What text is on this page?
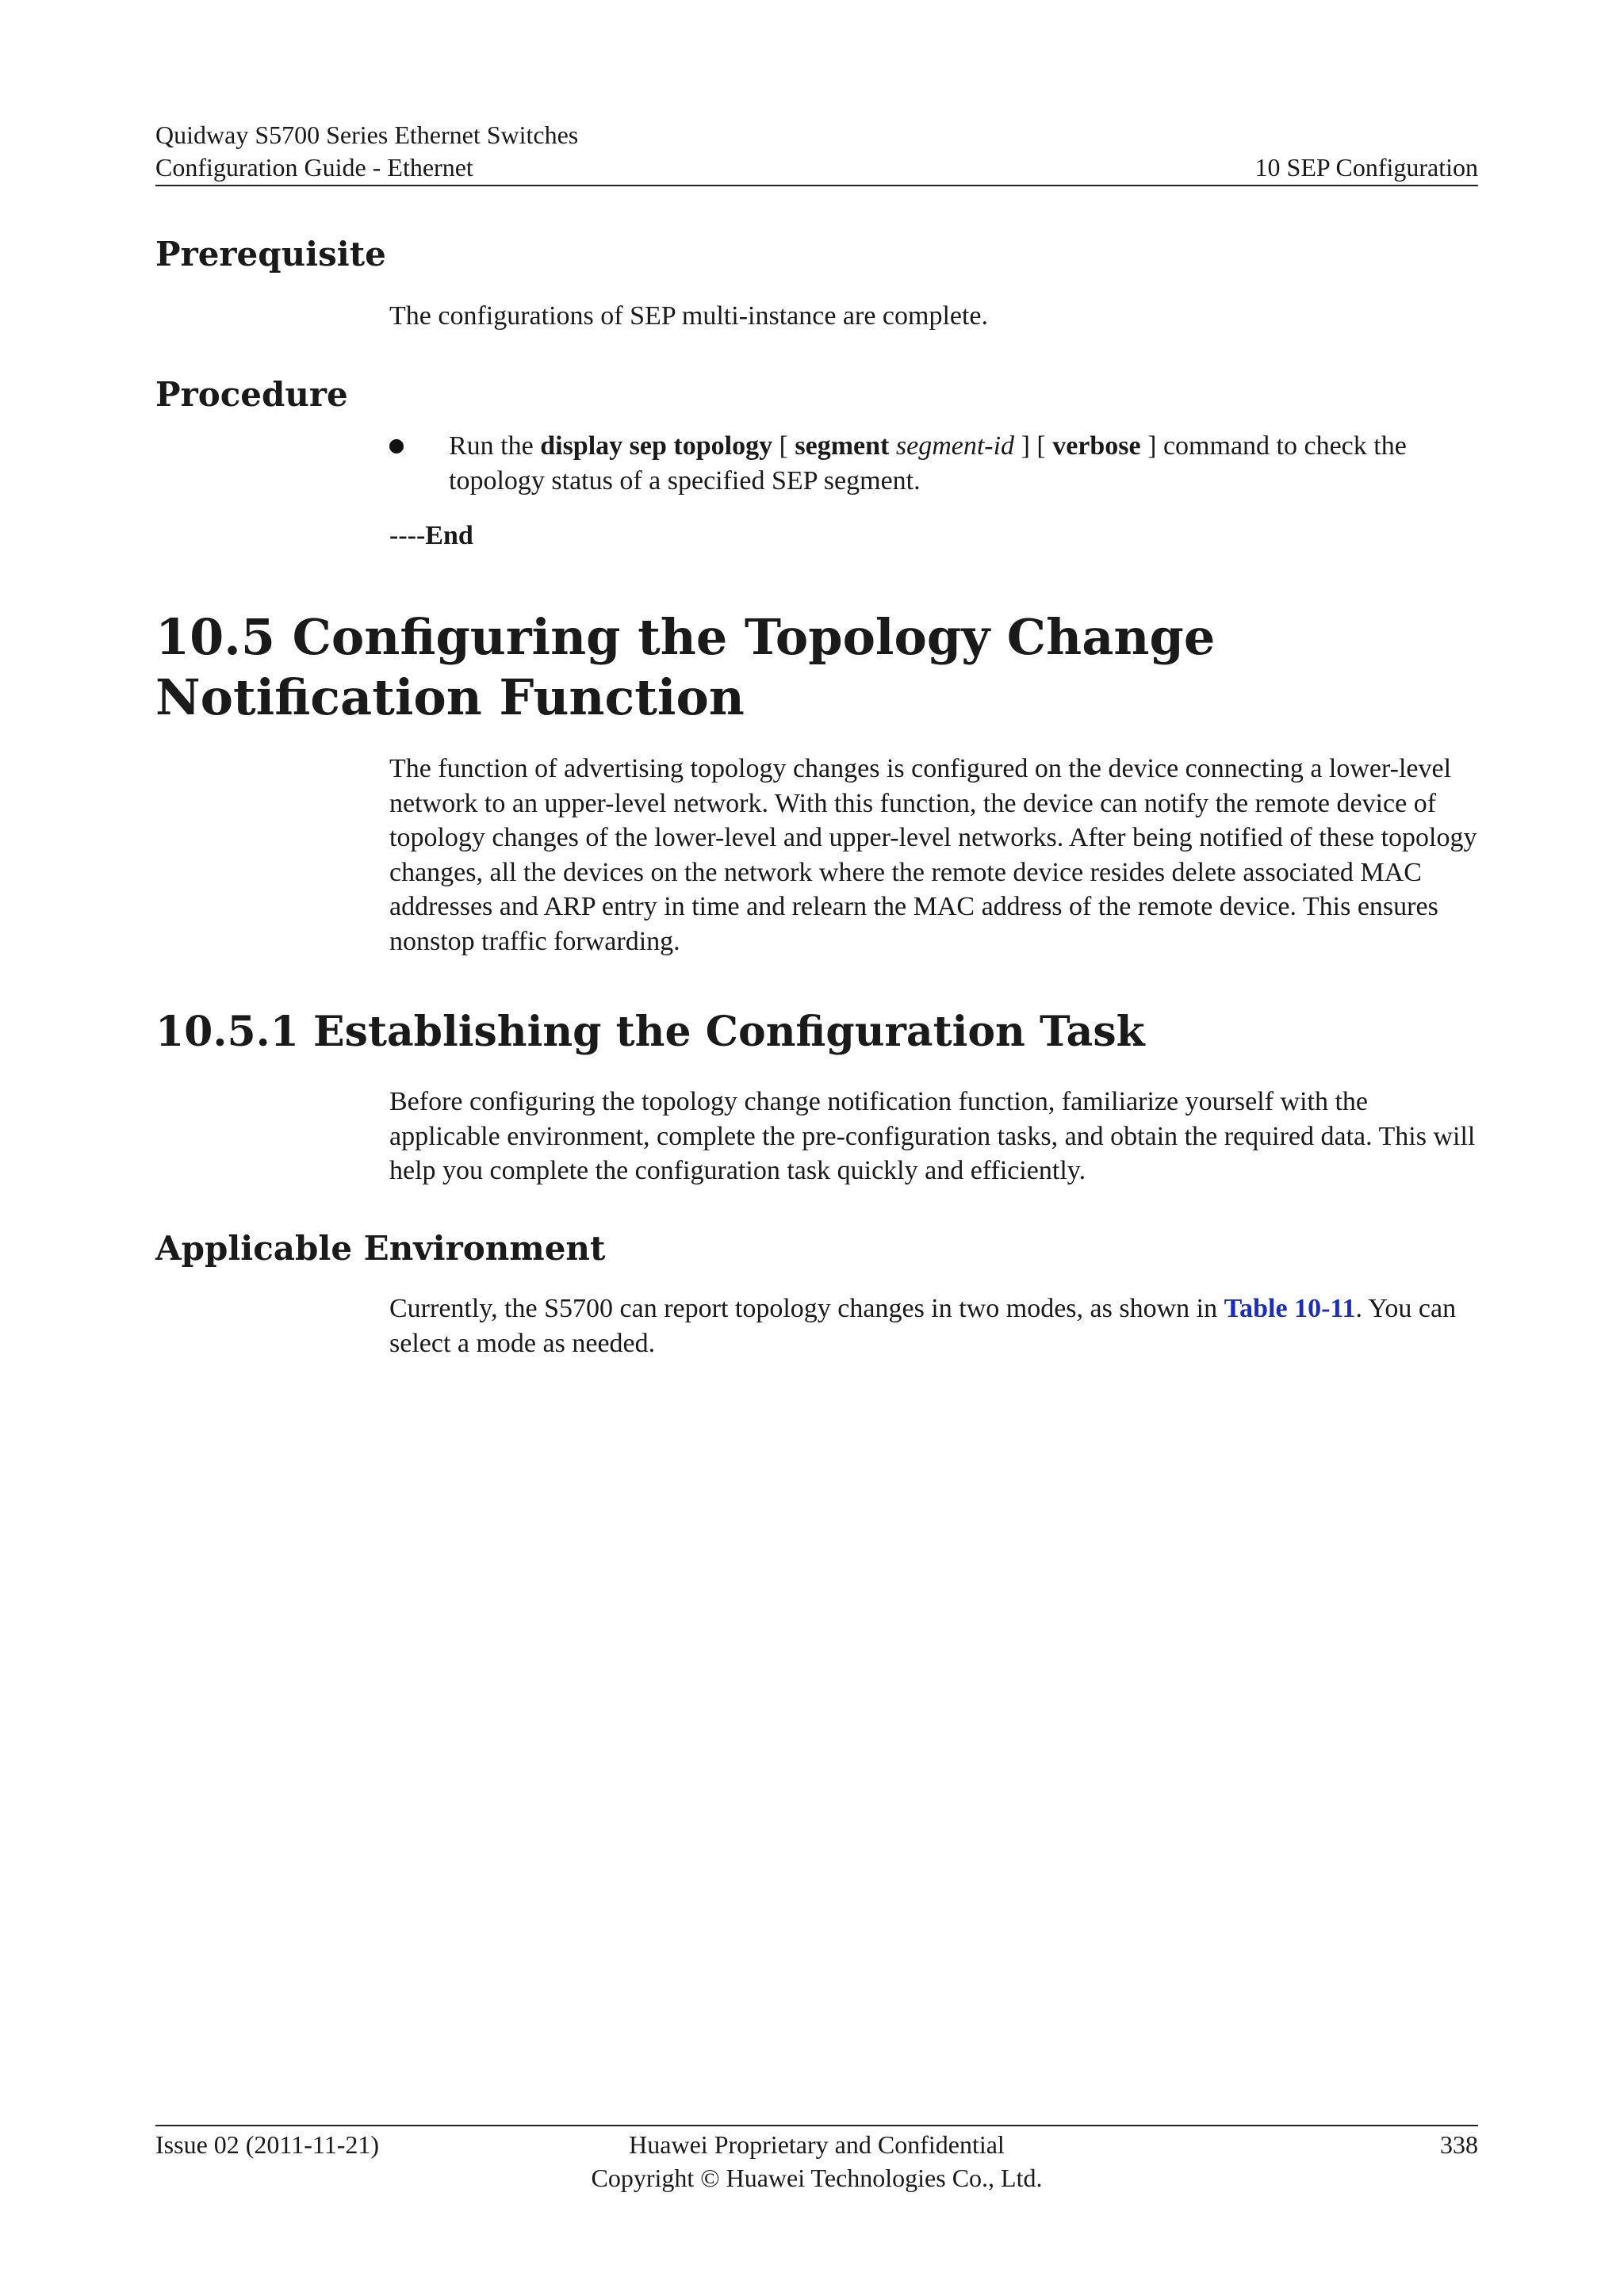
Quidway S5700 Series Ethernet Switches
Configuration Guide - Ethernet	10 SEP Configuration
Prerequisite
The configurations of SEP multi-instance are complete.
Procedure
Run the display sep topology [ segment segment-id ] [ verbose ] command to check the topology status of a specified SEP segment.
----End
10.5 Configuring the Topology Change Notification Function
The function of advertising topology changes is configured on the device connecting a lower-level network to an upper-level network. With this function, the device can notify the remote device of topology changes of the lower-level and upper-level networks. After being notified of these topology changes, all the devices on the network where the remote device resides delete associated MAC addresses and ARP entry in time and relearn the MAC address of the remote device. This ensures nonstop traffic forwarding.
10.5.1 Establishing the Configuration Task
Before configuring the topology change notification function, familiarize yourself with the applicable environment, complete the pre-configuration tasks, and obtain the required data. This will help you complete the configuration task quickly and efficiently.
Applicable Environment
Currently, the S5700 can report topology changes in two modes, as shown in Table 10-11. You can select a mode as needed.
Issue 02 (2011-11-21)	Huawei Proprietary and Confidential
Copyright © Huawei Technologies Co., Ltd.
338
